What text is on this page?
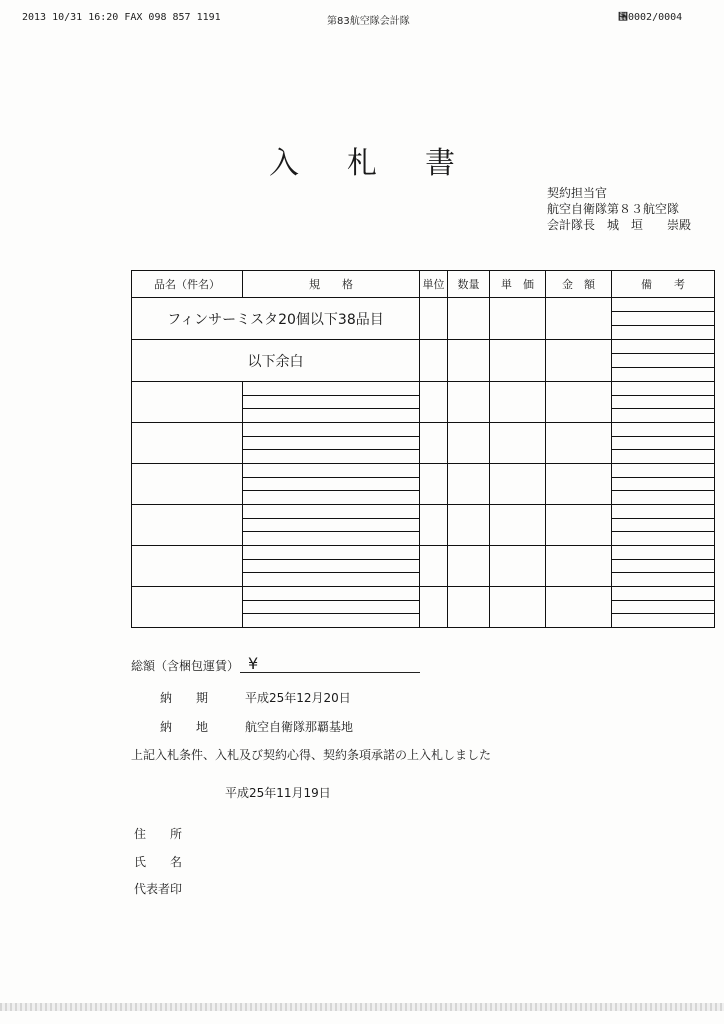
2013 10/31 16:20 FAX 098 857 1191	第83航空隊会計隊	⑖0002/0004
入札書
契約担当官
航空自衛隊第８３航空隊
会計隊長　城　垣　　崇殿
品名（件名）	規　　格	単位	数量	単　価	金　額	備　　考
フィンサーミスタ20個以下38品目						

以下余白						

総額（含梱包運賃） ¥
納　　期	平成25年12月20日
納　　地	航空自衛隊那覇基地
上記入札条件、入札及び契約心得、契約条項承諾の上入札しました
平成25年11月19日
住　　所
氏　　名
代表者印
